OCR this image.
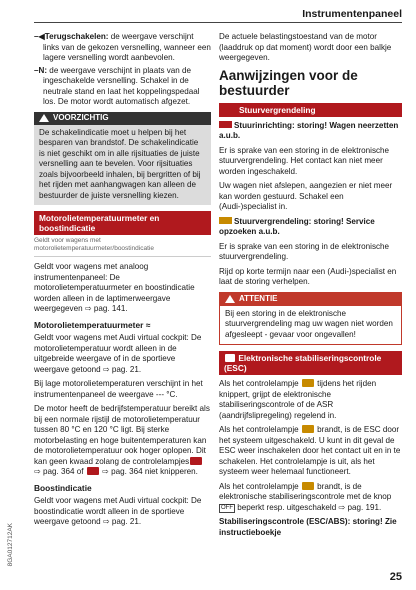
Instrumentenpaneel

–◀Terugschakelen: de weergave verschijnt links van de gekozen versnelling, wanneer een lagere versnelling wordt aanbevolen.

–N: de weergave verschijnt in plaats van de ingeschakelde versnelling. Schakel in de neutrale stand en laat het koppelingspedaal los. De motor wordt automatisch afgezet.

VOORZICHTIG
De schakelindicatie moet u helpen bij het besparen van brandstof. De schakelindicatie is niet geschikt om in alle rijsituaties de juiste versnelling aan te bevelen. Voor rijsituaties zoals bijvoorbeeld inhalen, bij bergritten of bij het rijden met aanhangwagen kan alleen de bestuurder de juiste versnelling kiezen.
Motorolietemperatuurmeter en boostindicatie
Geldt voor wagens met motorolietemperatuurmeter/boostindicatie

Geldt voor wagens met analoog instrumentenpaneel: De motorolietemperatuurmeter en boostindicatie worden alleen in de laptimerweergave weergegeven ⇨ pag. 141.

Motorolietemperatuurmeter ≈

Geldt voor wagens met Audi virtual cockpit: De motorolietemperatuur wordt alleen in de uitgebreide weergave of in de sportieve weergave getoond ⇨ pag. 21.

Bij lage motorolietemperaturen verschijnt in het instrumentenpaneel de weergave --- °C.

De motor heeft de bedrijfstemperatuur bereikt als bij een normale rijstijl de motorolietemperatuur tussen 80 °C en 120 °C ligt. Bij sterke motorbelasting en hoge buitentemperaturen kan de motorolietemperatuur ook hoger oplopen. Dit kan geen kwaad zolang de controlelampjes ⇨ pag. 364 of  ⇨ pag. 364 niet knipperen.

Boostindicatie

Geldt voor wagens met Audi virtual cockpit: De boostindicatie wordt alleen in de sportieve weergave getoond ⇨ pag. 21.

De actuele belastingstoestand van de motor (laaddruk op dat moment) wordt door een balkje weergegeven.

Aanwijzingen voor de bestuurder
Stuurvergrendeling

Stuurinrichting: storing! Wagen neerzetten a.u.b.

Er is sprake van een storing in de elektronische stuurvergrendeling. Het contact kan niet meer worden ingeschakeld.

Uw wagen niet afslepen, aangezien er niet meer kan worden gestuurd. Schakel een (Audi-)specialist in.

Stuurvergrendeling: storing! Service opzoeken a.u.b.

Er is sprake van een storing in de elektronische stuurvergrendeling.

Rijd op korte termijn naar een (Audi-)specialist en laat de storing verhelpen.

ATTENTIE
Bij een storing in de elektronische stuurvergrendeling mag uw wagen niet worden afgesleept - gevaar voor ongevallen!
Elektronische stabiliseringscontrole (ESC)

Als het controlelampje  tijdens het rijden knippert, grijpt de elektronische stabiliseringscontrole of de ASR (aandrijfslipregeling) regelend in.

Als het controlelampje  brandt, is de ESC door het systeem uitgeschakeld. U kunt in dit geval de ESC weer inschakelen door het contact uit en in te schakelen. Het controlelampje is uit, als het systeem weer helemaal functioneert.

Als het controlelampje  brandt, is de elektronische stabiliseringscontrole met de knop OFF beperkt resp. uitgeschakeld ⇨ pag. 191.

Stabiliseringscontrole (ESC/ABS): storing! Zie instructieboekje

8GA012712AK
25
